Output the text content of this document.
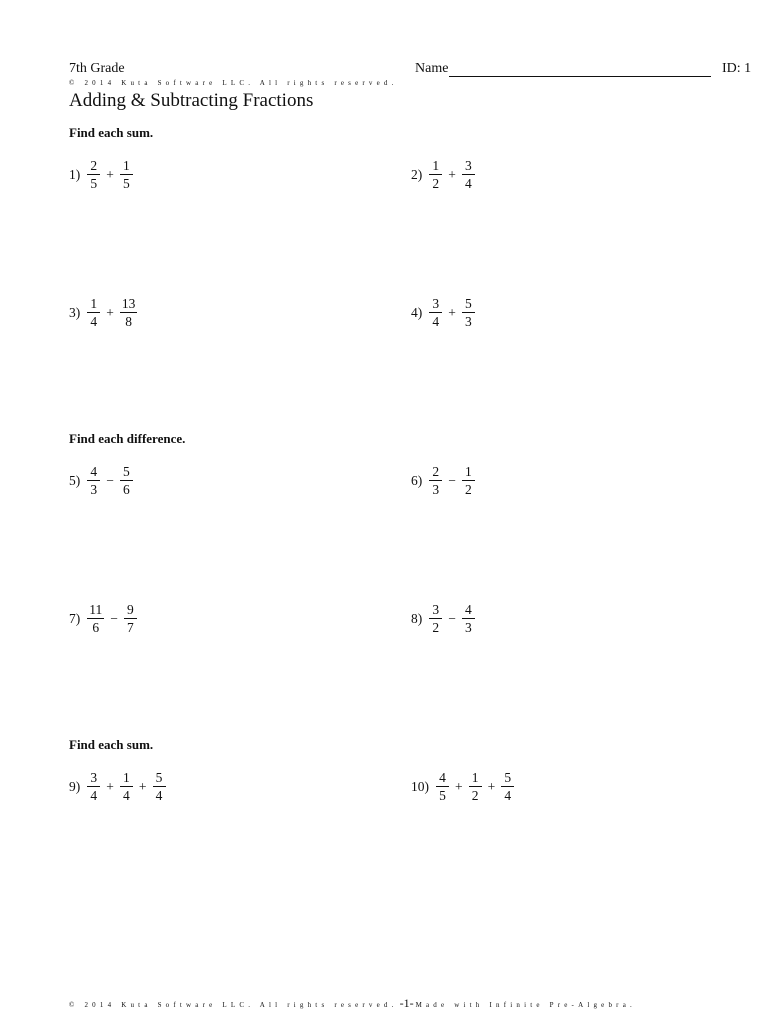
7th Grade	Name	ID: 1
© 2014 Kuta Software LLC. All rights reserved.
Adding & Subtracting Fractions
Find each sum.
Find each difference.
Find each sum.
$1) \frac{2}{5} + \frac{1}{5}$	$2) \frac{1}{2} + \frac{3}{4}$
$3) \frac{1}{4} + \frac{13}{8}$	$4) \frac{3}{4} + \frac{5}{3}$
$5) \frac{4}{3} - \frac{5}{6}$	$6) \frac{2}{3} - \frac{1}{2}$
$7) \frac{11}{6} - \frac{9}{7}$	$8) \frac{3}{2} - \frac{4}{3}$
$9) \frac{3}{4} + \frac{1}{4} + \frac{5}{4}$	$10) \frac{4}{5} + \frac{1}{2} + \frac{5}{4}$
© 2014 Kuta Software LLC. All rights reserved. -1- Made with Infinite Pre-Algebra.
